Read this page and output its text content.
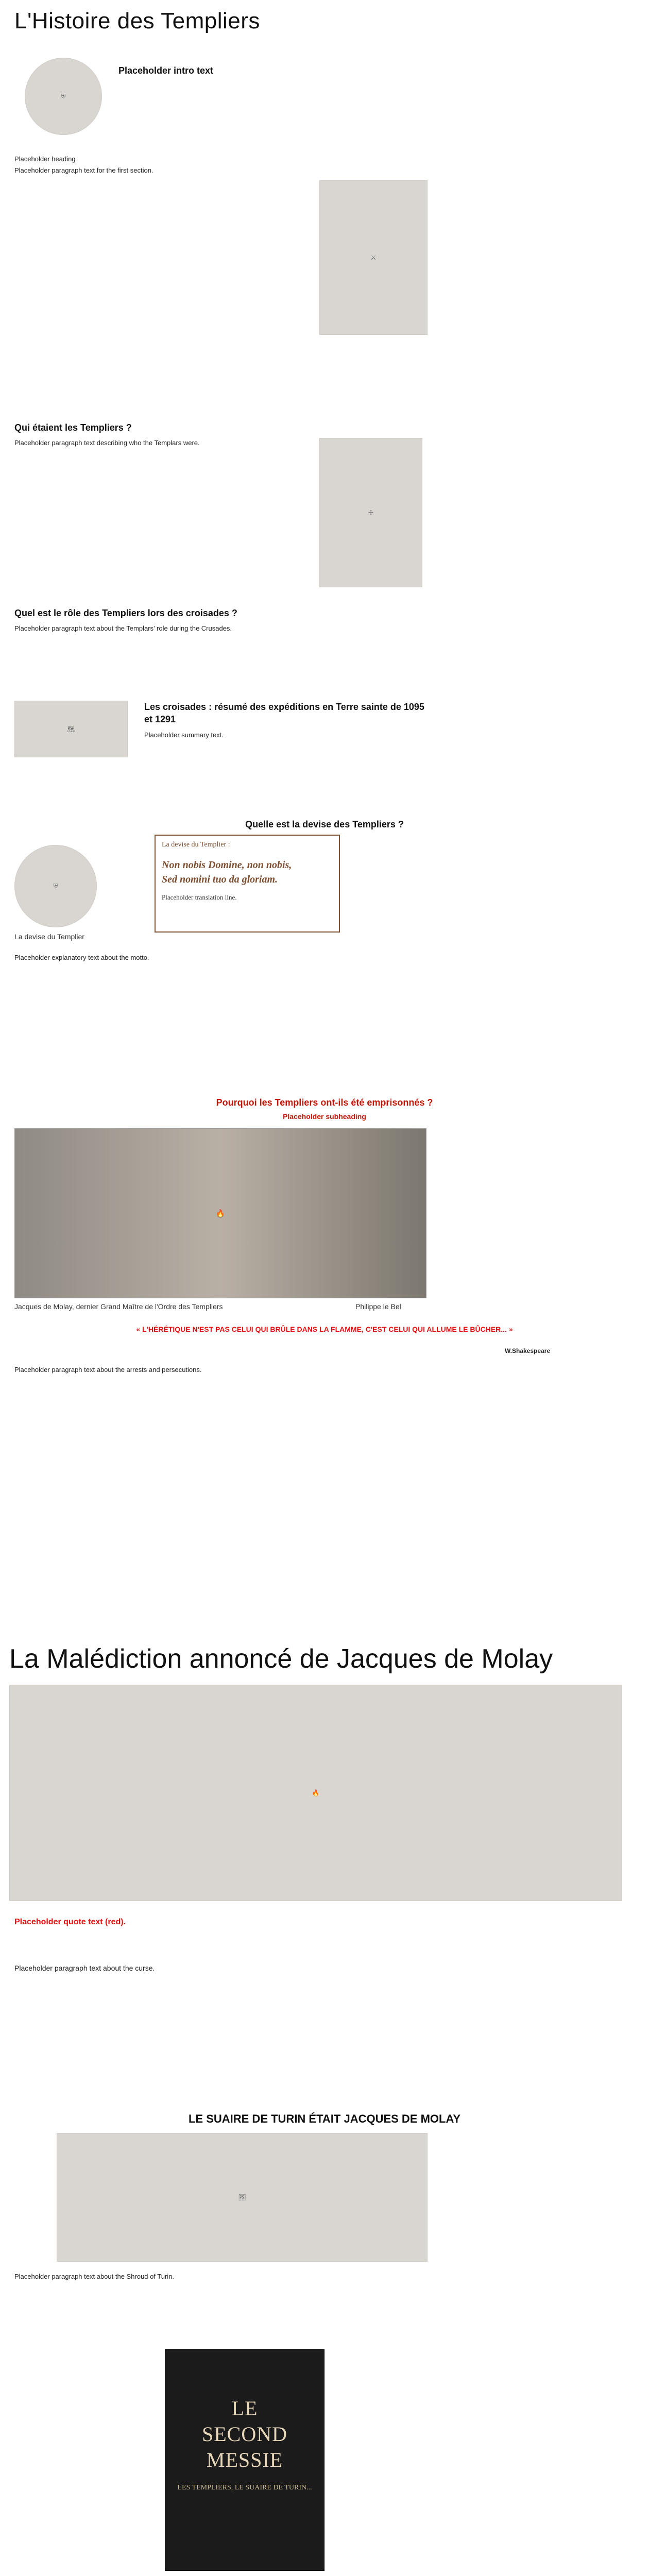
L'Histoire des Templiers
⛨
Placeholder intro text
Placeholder heading
Placeholder paragraph text for the first section.
⚔
Qui étaient les Templiers ?
Placeholder paragraph text describing who the Templars were.
☩
Quel est le rôle des Templiers lors des croisades ?
Placeholder paragraph text about the Templars’ role during the Crusades.
🗺
Les croisades : résumé des expéditions en Terre sainte de 1095 et 1291
Placeholder summary text.
Quelle est la devise des Templiers ?
⛨
La devise du Templier :
Non nobis Domine, non nobis,
Sed nomini tuo da gloriam.
Placeholder translation line.
La devise du Templier
Placeholder explanatory text about the motto.
Pourquoi les Templiers ont-ils été emprisonnés ?
Placeholder subheading
🔥
Jacques de Molay, dernier Grand Maître de l'Ordre des Templiers	Philippe le Bel
« L'HÉRÉTIQUE N'EST PAS CELUI QUI BRÛLE DANS LA FLAMME, C'EST CELUI QUI ALLUME LE BÛCHER... »
W.Shakespeare
Placeholder paragraph text about the arrests and persecutions.
La Malédiction annoncé de Jacques de Molay
🔥
Placeholder quote text (red).
Placeholder paragraph text about the curse.
LE SUAIRE DE TURIN ÉTAIT JACQUES DE MOLAY
🖼
Placeholder paragraph text about the Shroud of Turin.
LE
SECOND
MESSIE
LES TEMPLIERS, LE SUAIRE DE TURIN...
